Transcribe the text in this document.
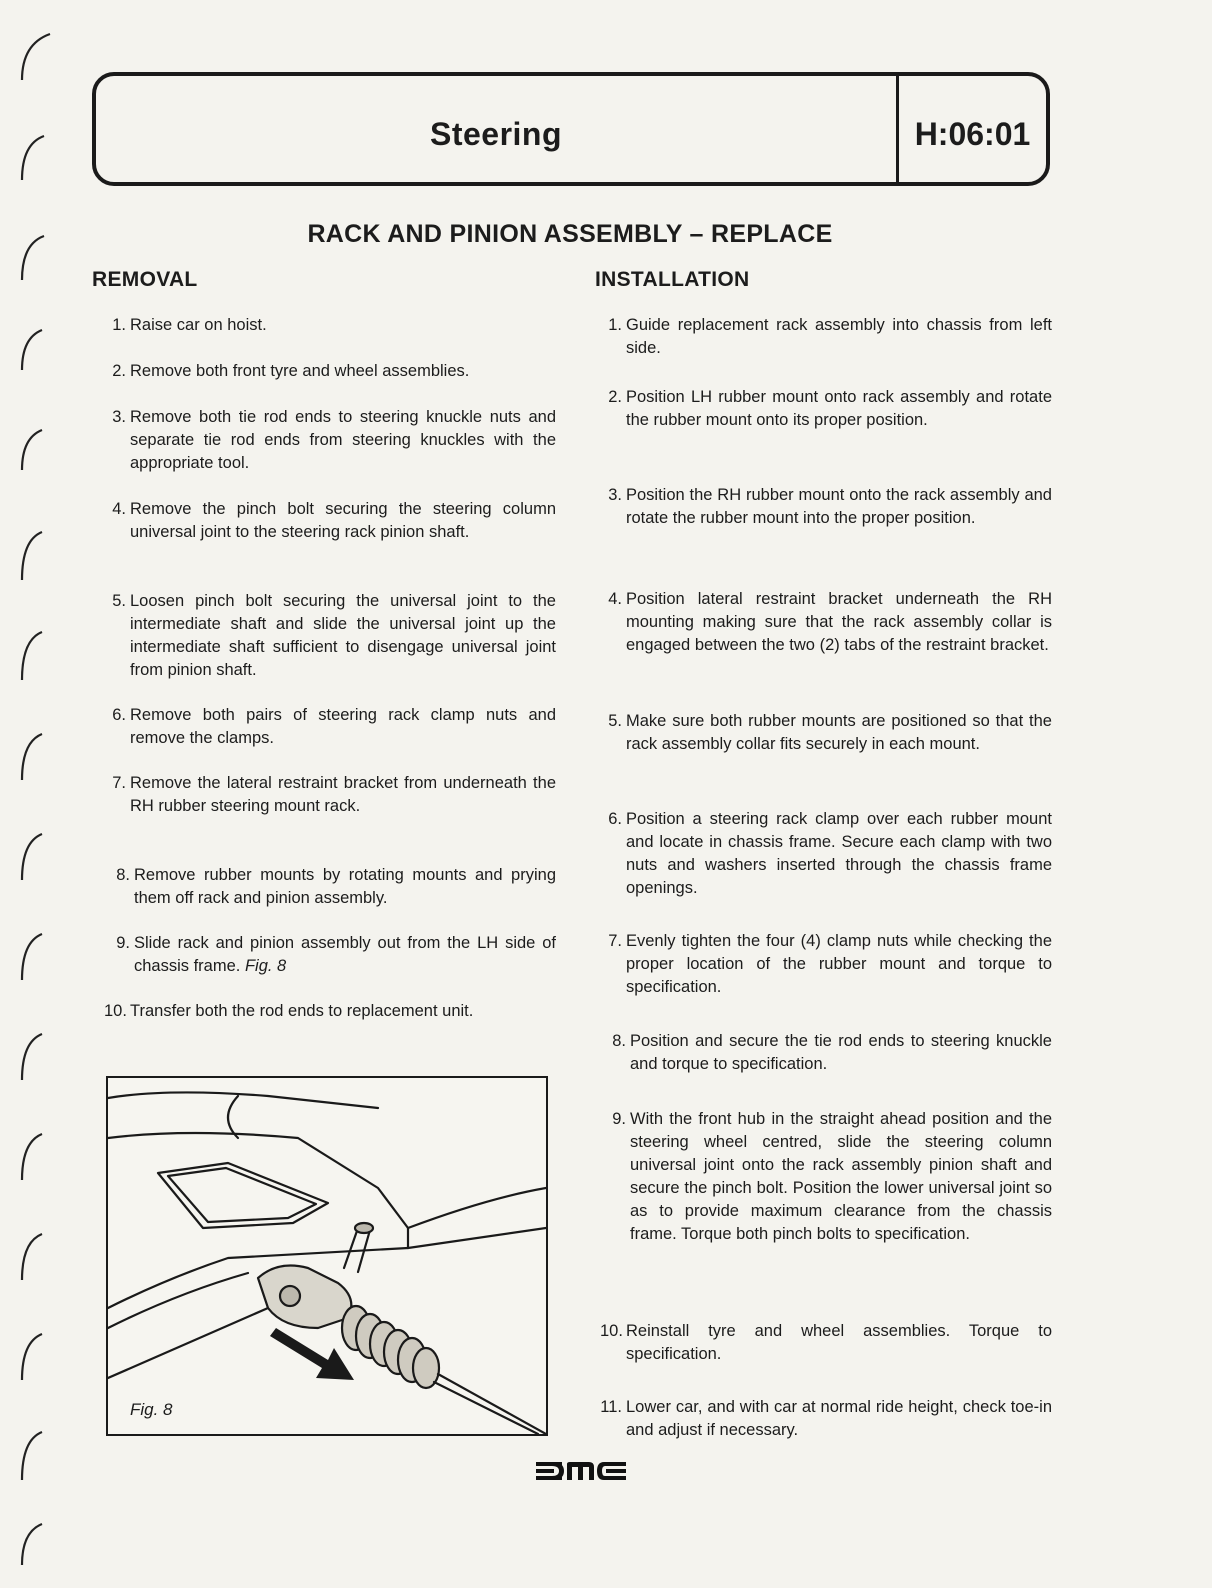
Steering	H:06:01
RACK AND PINION ASSEMBLY – REPLACE
REMOVAL	INSTALLATION
1. Raise car on hoist.
2. Remove both front tyre and wheel assemblies.
3. Remove both tie rod ends to steering knuckle nuts and separate tie rod ends from steering knuckles with the appropriate tool.
4. Remove the pinch bolt securing the steering column universal joint to the steering rack pinion shaft.
5. Loosen pinch bolt securing the universal joint to the intermediate shaft and slide the universal joint up the intermediate shaft sufficient to disengage universal joint from pinion shaft.
6. Remove both pairs of steering rack clamp nuts and remove the clamps.
7. Remove the lateral restraint bracket from underneath the RH rubber steering mount rack.
8. Remove rubber mounts by rotating mounts and prying them off rack and pinion assembly.
9. Slide rack and pinion assembly out from the LH side of chassis frame. Fig. 8
10. Transfer both the rod ends to replacement unit.
Fig. 8
1. Guide replacement rack assembly into chassis from left side.
2. Position LH rubber mount onto rack assembly and rotate the rubber mount onto its proper position.
3. Position the RH rubber mount onto the rack assembly and rotate the rubber mount into the proper position.
4. Position lateral restraint bracket underneath the RH mounting making sure that the rack assembly collar is engaged between the two (2) tabs of the restraint bracket.
5. Make sure both rubber mounts are positioned so that the rack assembly collar fits securely in each mount.
6. Position a steering rack clamp over each rubber mount and locate in chassis frame. Secure each clamp with two nuts and washers inserted through the chassis frame openings.
7. Evenly tighten the four (4) clamp nuts while checking the proper location of the rubber mount and torque to specification.
8. Position and secure the tie rod ends to steering knuckle and torque to specification.
9. With the front hub in the straight ahead position and the steering wheel centred, slide the steering column universal joint onto the rack assembly pinion shaft and secure the pinch bolt. Position the lower universal joint so as to provide maximum clearance from the chassis frame. Torque both pinch bolts to specification.
10. Reinstall tyre and wheel assemblies. Torque to specification.
11. Lower car, and with car at normal ride height, check toe-in and adjust if necessary.
